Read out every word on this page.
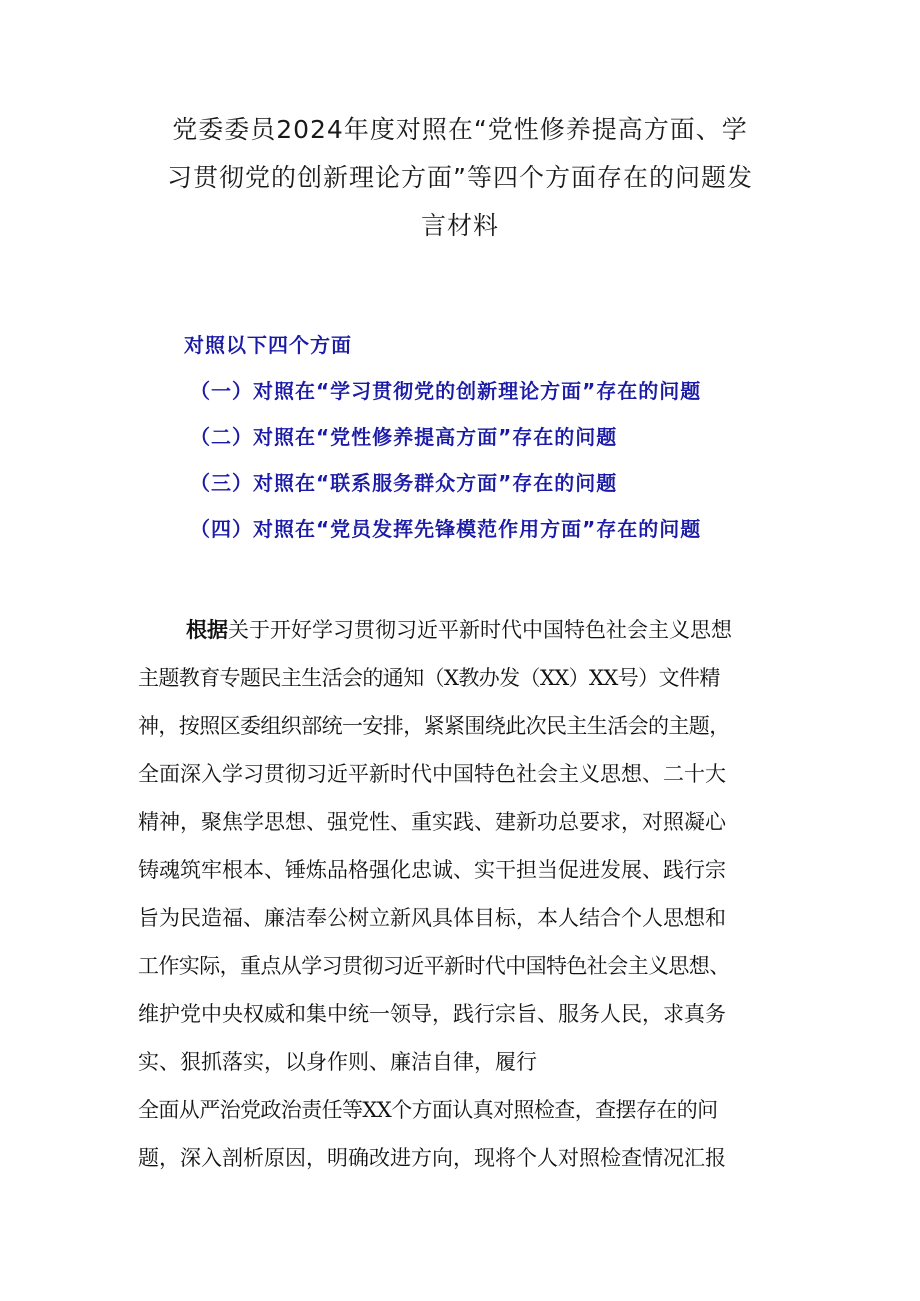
党委委员2024年度对照在“党性修养提高方面、学
习贯彻党的创新理论方面”等四个方面存在的问题发
言材料
对照以下四个方面
（一）对照在“学习贯彻党的创新理论方面”存在的问题
（二）对照在“党性修养提高方面”存在的问题
（三）对照在“联系服务群众方面”存在的问题
（四）对照在“党员发挥先锋模范作用方面”存在的问题
根据关于开好学习贯彻习近平新时代中国特色社会主义思想
主题教育专题民主生活会的通知（X教办发（XX）XX号）文件精
神，按照区委组织部统一安排，紧紧围绕此次民主生活会的主题，
全面深入学习贯彻习近平新时代中国特色社会主义思想、二十大
精神，聚焦学思想、强党性、重实践、建新功总要求，对照凝心
铸魂筑牢根本、锤炼品格强化忠诚、实干担当促进发展、践行宗
旨为民造福、廉洁奉公树立新风具体目标，本人结合个人思想和
工作实际，重点从学习贯彻习近平新时代中国特色社会主义思想、
维护党中央权威和集中统一领导，践行宗旨、服务人民，求真务
实、狠抓落实，以身作则、廉洁自律，履行
全面从严治党政治责任等XX个方面认真对照检查，查摆存在的问
题，深入剖析原因，明确改进方向，现将个人对照检查情况汇报
